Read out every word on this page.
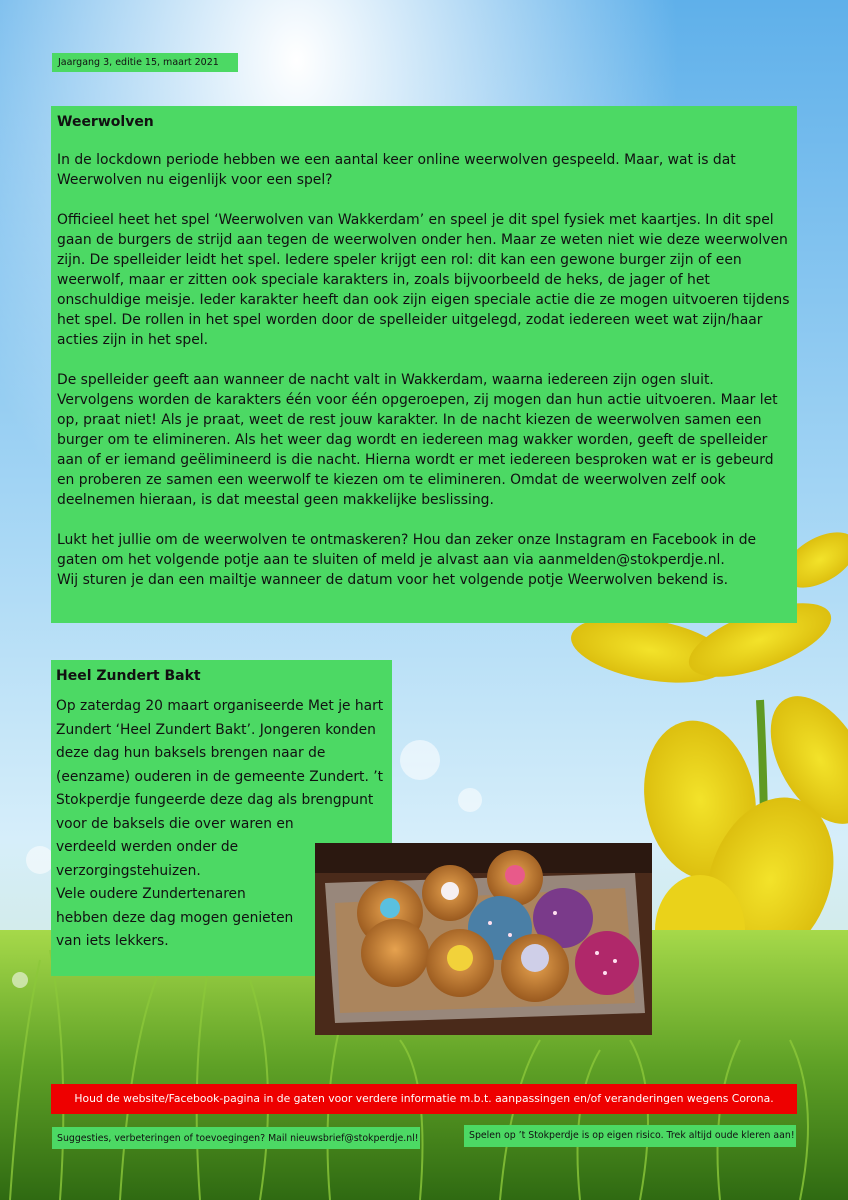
Jaargang 3, editie 15, maart 2021
Weerwolven

In de lockdown periode hebben we een aantal keer online weerwolven gespeeld. Maar, wat is dat Weerwolven nu eigenlijk voor een spel?

Officieel heet het spel ‘Weerwolven van Wakkerdam’ en speel je dit spel fysiek met kaartjes. In dit spel gaan de burgers de strijd aan tegen de weerwolven onder hen. Maar ze weten niet wie deze weerwolven zijn. De spelleider leidt het spel. Iedere speler krijgt een rol: dit kan een gewone burger zijn of een weerwolf, maar er zitten ook speciale karakters in, zoals bijvoorbeeld de heks, de jager of het onschuldige meisje. Ieder karakter heeft dan ook zijn eigen speciale actie die ze mogen uitvoeren tijdens het spel. De rollen in het spel worden door de spelleider uitgelegd, zodat iedereen weet wat zijn/haar acties zijn in het spel.

De spelleider geeft aan wanneer de nacht valt in Wakkerdam, waarna iedereen zijn ogen sluit. Vervolgens worden de karakters één voor één opgeroepen, zij mogen dan hun actie uitvoeren. Maar let op, praat niet! Als je praat, weet de rest jouw karakter. In de nacht kiezen de weerwolven samen een burger om te elimineren. Als het weer dag wordt en iedereen mag wakker worden, geeft de spelleider aan of er iemand geëlimineerd is die nacht. Hierna wordt er met iedereen besproken wat er is gebeurd en proberen ze samen een weerwolf te kiezen om te elimineren. Omdat de weerwolven zelf ook deelnemen hieraan, is dat meestal geen makkelijke beslissing.

Lukt het jullie om de weerwolven te ontmaskeren? Hou dan zeker onze Instagram en Facebook in de gaten om het volgende potje aan te sluiten of meld je alvast aan via aanmelden@stokperdje.nl.
Wij sturen je dan een mailtje wanneer de datum voor het volgende potje Weerwolven bekend is.

Heel Zundert Bakt

Op zaterdag 20 maart organiseerde Met je hart Zundert ‘Heel Zundert Bakt’. Jongeren konden deze dag hun baksels brengen naar de (eenzame) ouderen in de gemeente Zundert. ’t Stokperdje fungeerde deze dag als brengpunt

voor de baksels die over waren en verdeeld werden onder de verzorgingstehuizen.

Vele oudere Zundertenaren hebben deze dag mogen genieten van iets lekkers.

Houd de website/Facebook-pagina in de gaten voor verdere informatie m.b.t. aanpassingen en/of veranderingen wegens Corona.
Suggesties, verbeteringen of toevoegingen? Mail nieuwsbrief@stokperdje.nl!	Spelen op ’t Stokperdje is op eigen risico. Trek altijd oude kleren aan!
